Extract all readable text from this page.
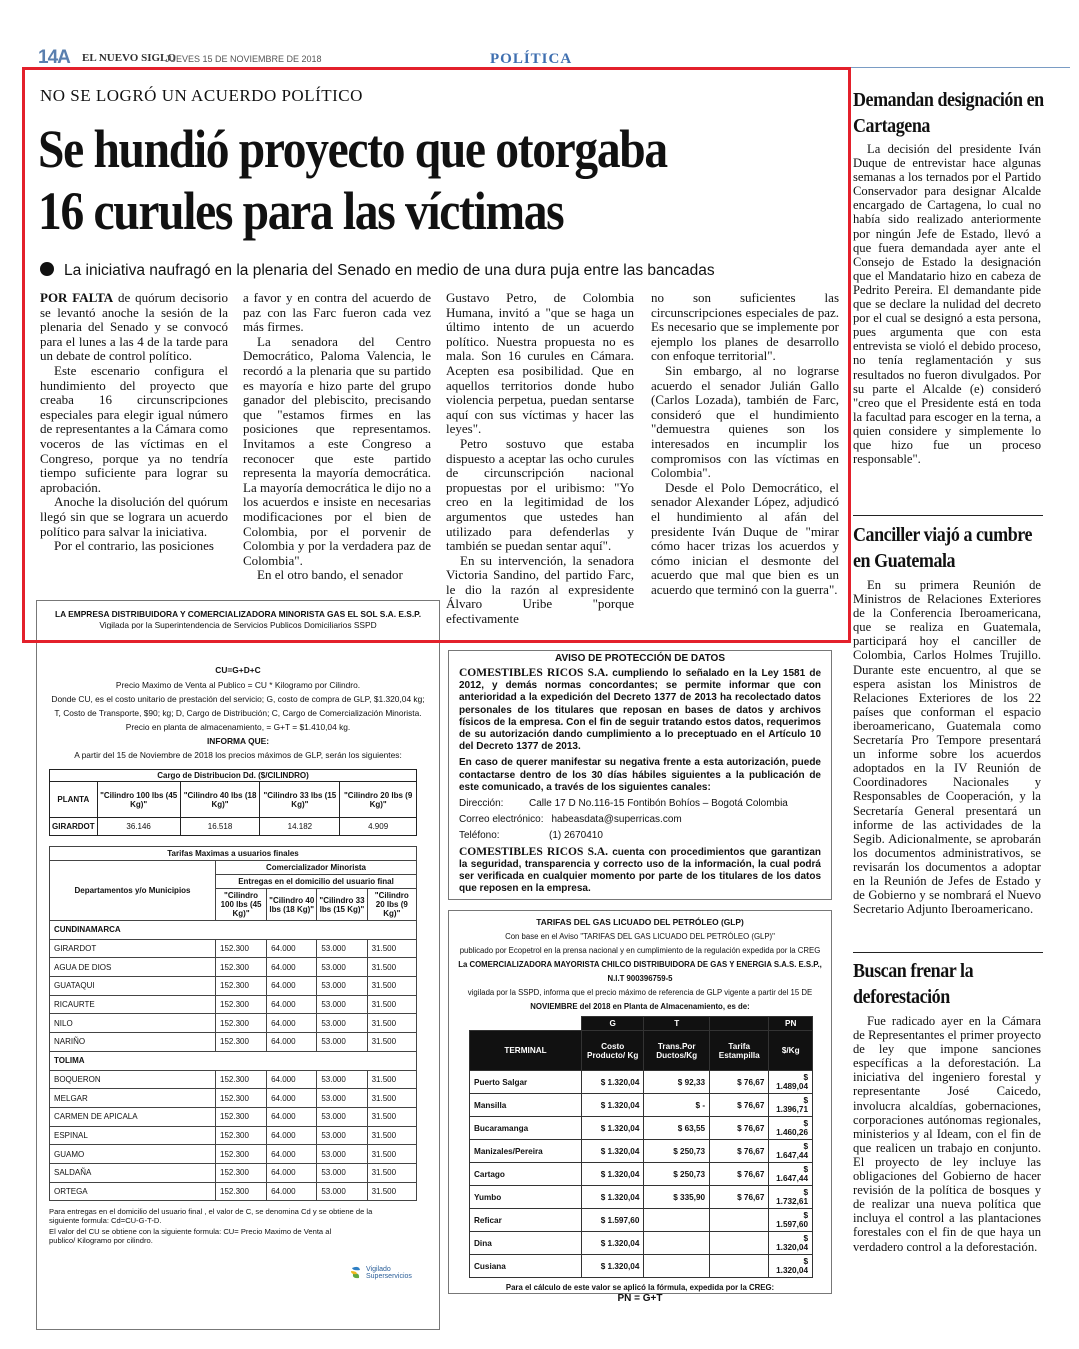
14A EL NUEVO SIGLO
JUEVES 15 DE NOVIEMBRE DE 2018	POLÍTICA
NO SE LOGRÓ UN ACUERDO POLÍTICO
Se hundió proyecto que otorgaba
16 curules para las víctimas
La iniciativa naufragó en la plenaria del Senado en medio de una dura puja entre las bancadas

POR FALTA de quórum decisorio se levantó anoche la sesión de la plenaria del Senado y se convocó para el lunes a las 4 de la tarde para un debate de control político.

Este escenario configura el hundimiento del proyecto que creaba 16 circunscripciones especiales para elegir igual número de representantes a la Cámara como voceros de las víctimas en el Congreso, porque ya no tendría tiempo suficiente para lograr su aprobación.

Anoche la disolución del quórum llegó sin que se lograra un acuerdo político para salvar la iniciativa.

Por el contrario, las posiciones

a favor y en contra del acuerdo de paz con las Farc fueron cada vez más firmes.

La senadora del Centro Democrático, Paloma Valencia, le recordó a la plenaria que su partido es mayoría e hizo parte del grupo ganador del plebiscito, precisando que "estamos firmes en las posiciones que representamos. Invitamos a este Congreso a reconocer que este partido representa la mayoría democrática. La mayoría democrática le dijo no a los acuerdos e insiste en necesarias modificaciones por el bien de Colombia, por el porvenir de Colombia y por la verdadera paz de Colombia".

En el otro bando, el senador

Gustavo Petro, de Colombia Humana, invitó a "que se haga un último intento de un acuerdo político. Nuestra propuesta no es mala. Son 16 curules en Cámara. Acepten esa posibilidad. Que en aquellos territorios donde hubo violencia perpetua, puedan sentarse aquí con sus víctimas y hacer las leyes".

Petro sostuvo que estaba dispuesto a aceptar las ocho curules de circunscripción nacional propuestas por el uribismo: "Yo creo en la legitimidad de los argumentos que ustedes han utilizado para defenderlas y también se puedan sentar aquí".

En su intervención, la senadora Victoria Sandino, del partido Farc, le dio la razón al expresidente Álvaro Uribe "porque efectivamente

no son suficientes las circunscripciones especiales de paz. Es necesario que se implemente por ejemplo los planes de desarrollo con enfoque territorial".

Sin embargo, al no lograrse acuerdo el senador Julián Gallo (Carlos Lozada), también de Farc, consideró que el hundimiento "demuestra quienes son los interesados en incumplir los compromisos con las víctimas en Colombia".

Desde el Polo Democrático, el senador Alexander López, adjudicó el hundimiento al afán del presidente Iván Duque de "mirar cómo hacer trizas los acuerdos y cómo inician el desmonte del acuerdo que mal que bien es un acuerdo que terminó con la guerra".

Demandan designación en Cartagena

La decisión del presidente Iván Duque de entrevistar hace algunas semanas a los ternados por el Partido Conservador para designar Alcalde encargado de Cartagena, lo cual no había sido realizado anteriormente por ningún Jefe de Estado, llevó a que fuera demandada ayer ante el Consejo de Estado la designación que el Mandatario hizo en cabeza de Pedrito Pereira. El demandante pide que se declare la nulidad del decreto por el cual se designó a esta persona, pues argumenta que con esta entrevista se violó el debido proceso, no tenía reglamentación y sus resultados no fueron divulgados. Por su parte el Alcalde (e) consideró "creo que el Presidente está en toda la facultad para escoger en la terna, a quien considere y simplemente lo que hizo fue un proceso responsable".

Canciller viajó a cumbre en Guatemala

En su primera Reunión de Ministros de Relaciones Exteriores de la Conferencia Iberoamericana, que se realiza en Guatemala, participará hoy el canciller de Colombia, Carlos Holmes Trujillo. Durante este encuentro, al que se espera asistan los Ministros de Relaciones Exteriores de los 22 países que conforman el espacio iberoamericano, Guatemala como Secretaría Pro Tempore presentará un informe sobre los acuerdos adoptados en la IV Reunión de Coordinadores Nacionales y Responsables de Cooperación, y la Secretaría General presentará un informe de las actividades de la Segib. Adicionalmente, se aprobarán los documentos administrativos, se revisarán los documentos a adoptar en la Reunión de Jefes de Estado y de Gobierno y se nombrará el Nuevo Secretario Adjunto Iberoamericano.

Buscan frenar la deforestación

Fue radicado ayer en la Cámara de Representantes el primer proyecto de ley que impone sanciones específicas a la deforestación. La iniciativa del ingeniero forestal y representante José Caicedo, involucra alcaldías, gobernaciones, corporaciones autónomas regionales, ministerios y al Ideam, con el fin de que realicen un trabajo en conjunto. El proyecto de ley incluye las obligaciones del Gobierno de hacer revisión de la política de bosques y de realizar una nueva política que incluya el control a las plantaciones forestales con el fin de que haya un verdadero control a la deforestación.

LA EMPRESA DISTRIBUIDORA Y COMERCIALIZADORA MINORISTA GAS EL SOL S.A. E.S.P.
Vigilada por la Superintendencia de Servicios Publicos Domiciliarios SSPD
CU=G+D+C
Precio Maximo de Venta al Publico = CU * Kilogramo por Cilindro.
Donde CU, es el costo unitario de prestación del servicio; G, costo de compra de GLP, $1.320,04 kg;
T, Costo de Transporte, $90; kg; D, Cargo de Distribución; C, Cargo de Comercialización Minorista.
Precio en planta de almacenamiento, = G+T = $1.410,04 kg.
INFORMA QUE:
A partir del 15 de Noviembre de 2018 los precios máximos de GLP, serán los siguientes:
Cargo de Distribucion Dd. ($/CILINDRO)				
PLANTA	"Cilindro 100 lbs (45 Kg)"	"Cilindro 40 lbs (18 Kg)"	"Cilindro 33 lbs (15 Kg)"	"Cilindro 20 lbs (9 Kg)"
GIRARDOT	36.146	16.518	14.182	4.909
Tarifas Maximas a usuarios finales				
Departamentos y/o Municipios	Comercializador Minorista			
	Entregas en el domicilio del usuario final			
	"Cilindro 100 lbs (45 Kg)"	"Cilindro 40 lbs (18 Kg)"	"Cilindro 33 lbs (15 Kg)"	"Cilindro 20 lbs (9 Kg)"
CUNDINAMARCA				
GIRARDOT	152.300	64.000	53.000	31.500
AGUA DE DIOS	152.300	64.000	53.000	31.500
GUATAQUI	152.300	64.000	53.000	31.500
RICAURTE	152.300	64.000	53.000	31.500
NILO	152.300	64.000	53.000	31.500
NARIÑO	152.300	64.000	53.000	31.500
TOLIMA				
BOQUERON	152.300	64.000	53.000	31.500
MELGAR	152.300	64.000	53.000	31.500
CARMEN DE APICALA	152.300	64.000	53.000	31.500
ESPINAL	152.300	64.000	53.000	31.500
GUAMO	152.300	64.000	53.000	31.500
SALDAÑA	152.300	64.000	53.000	31.500
ORTEGA	152.300	64.000	53.000	31.500
Para entregas en el domicilio del usuario final , el valor de C, se denomina Cd y se obtiene de la siguiente formula: Cd=CU-G-T-D.
El valor del CU se obtiene con la siguiente formula: CU= Precio Maximo de Venta al publico/ Kilogramo por cilindro.
Vigilado
Superservicios
AVISO DE PROTECCIÓN DE DATOS
COMESTIBLES RICOS S.A. cumpliendo lo señalado en la Ley 1581 de 2012, y demás normas concordantes; se permite informar que con anterioridad a la expedición del Decreto 1377 de 2013 ha recolectado datos personales de los titulares que reposan en bases de datos y archivos físicos de la empresa. Con el fin de seguir tratando estos datos, requerimos de su autorización dando cumplimiento a lo preceptuado en el Artículo 10 del Decreto 1377 de 2013.
En caso de querer manifestar su negativa frente a esta autorización, puede contactarse dentro de los 30 días hábiles siguientes a la publicación de este comunicado, a través de los siguientes canales:
Dirección:	Calle 17 D No.116-15 Fontibón Bohíos – Bogotá Colombia
Correo electrónico: habeasdata@superricas.com
Teléfono:	(1) 2670410
COMESTIBLES RICOS S.A. cuenta con procedimientos que garantizan la seguridad, transparencia y correcto uso de la información, la cual podrá ser verificada en cualquier momento por parte de los titulares de los datos que reposen en la empresa.
TARIFAS DEL GAS LICUADO DEL PETRÓLEO (GLP)
Con base en el Aviso "TARIFAS DEL GAS LICUADO DEL PETRÓLEO (GLP)"
publicado por Ecopetrol en la prensa nacional y en cumplimiento de la regulación expedida por la CREG
La COMERCIALIZADORA MAYORISTA CHILCO DISTRIBUIDORA DE GAS Y ENERGIA S.A.S. E.S.P.,
N.I.T 900396759-5
vigilada por la SSPD, informa que el precio máximo de referencia de GLP vigente a partir del 15 DE
NOVIEMBRE del 2018 en Planta de Almacenamiento, es de:
	G	T		PN
TERMINAL	Costo Producto/ Kg	Trans.Por Ductos/Kg	Tarifa Estampilla	$/Kg
Puerto Salgar	$ 1.320,04	$ 92,33	$ 76,67	$ 1.489,04
Mansilla	$ 1.320,04	$ -	$ 76,67	$ 1.396,71
Bucaramanga	$ 1.320,04	$ 63,55	$ 76,67	$ 1.460,26
Manizales/Pereira	$ 1.320,04	$ 250,73	$ 76,67	$ 1.647,44
Cartago	$ 1.320,04	$ 250,73	$ 76,67	$ 1.647,44
Yumbo	$ 1.320,04	$ 335,90	$ 76,67	$ 1.732,61
Reficar	$ 1.597,60			$ 1.597,60
Dina	$ 1.320,04			$ 1.320,04
Cusiana	$ 1.320,04			$ 1.320,04
Para el cálculo de este valor se aplicó la fórmula, expedida por la CREG:
PN = G+T
